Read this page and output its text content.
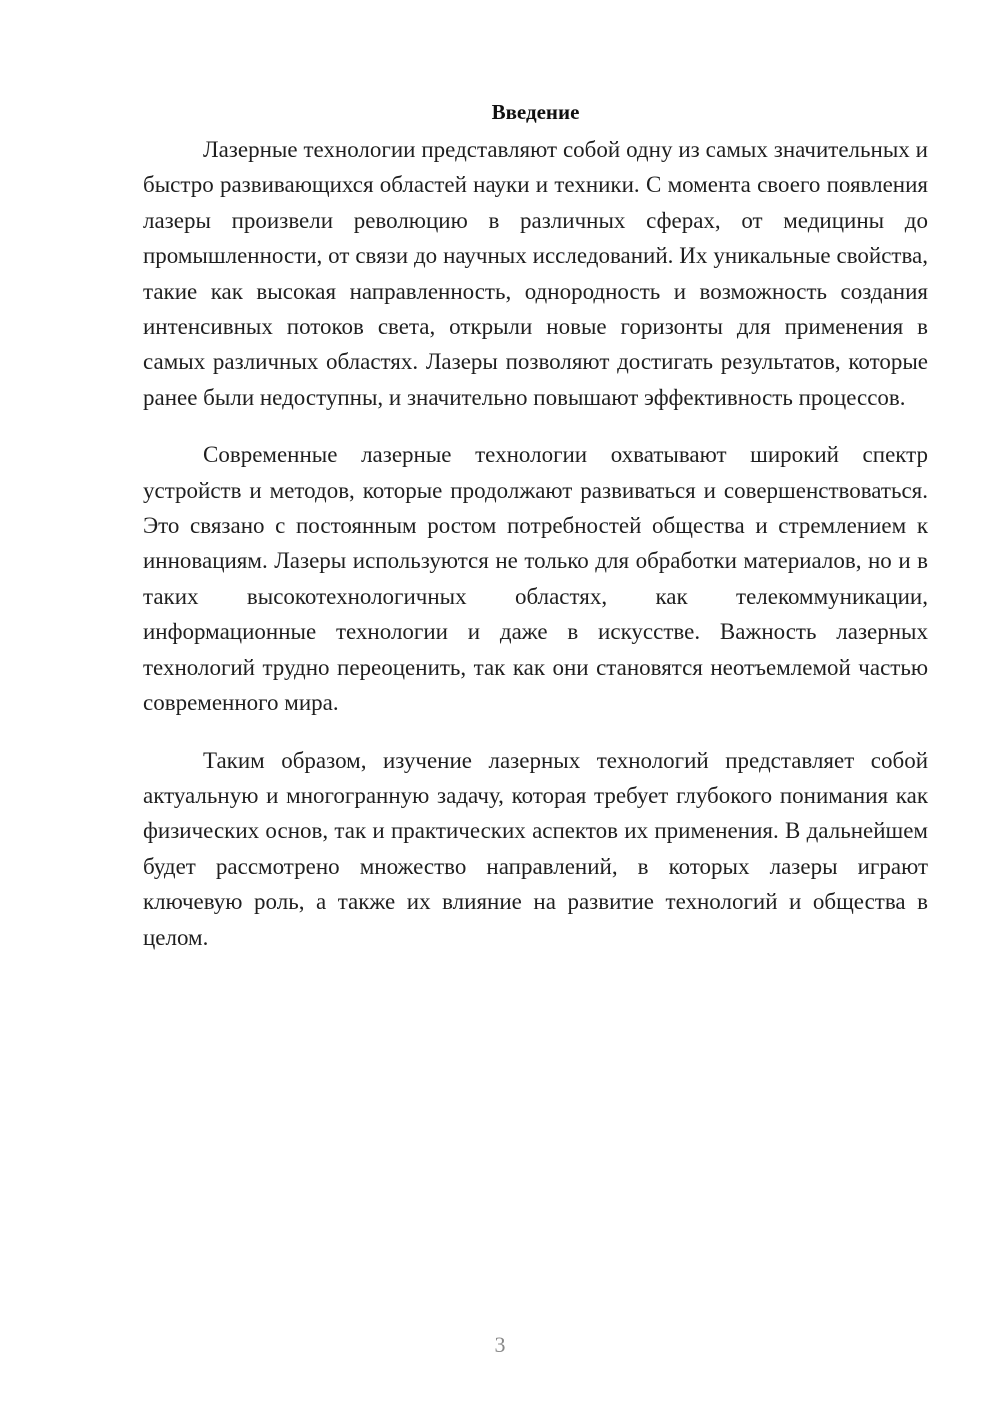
Введение

Лазерные технологии представляют собой одну из самых значительных и быстро развивающихся областей науки и техники. С момента своего появления лазеры произвели революцию в различных сферах, от медицины до промышленности, от связи до научных исследований. Их уникальные свойства, такие как высокая направленность, однородность и возможность создания интенсивных потоков света, открыли новые горизонты для применения в самых различных областях. Лазеры позволяют достигать результатов, которые ранее были недоступны, и значительно повышают эффективность процессов.

Современные лазерные технологии охватывают широкий спектр устройств и методов, которые продолжают развиваться и совершенствоваться. Это связано с постоянным ростом потребностей общества и стремлением к инновациям. Лазеры используются не только для обработки материалов, но и в таких высокотехнологичных областях, как телекоммуникации, информационные технологии и даже в искусстве. Важность лазерных технологий трудно переоценить, так как они становятся неотъемлемой частью современного мира.

Таким образом, изучение лазерных технологий представляет собой актуальную и многогранную задачу, которая требует глубокого понимания как физических основ, так и практических аспектов их применения. В дальнейшем будет рассмотрено множество направлений, в которых лазеры играют ключевую роль, а также их влияние на развитие технологий и общества в целом.

3
